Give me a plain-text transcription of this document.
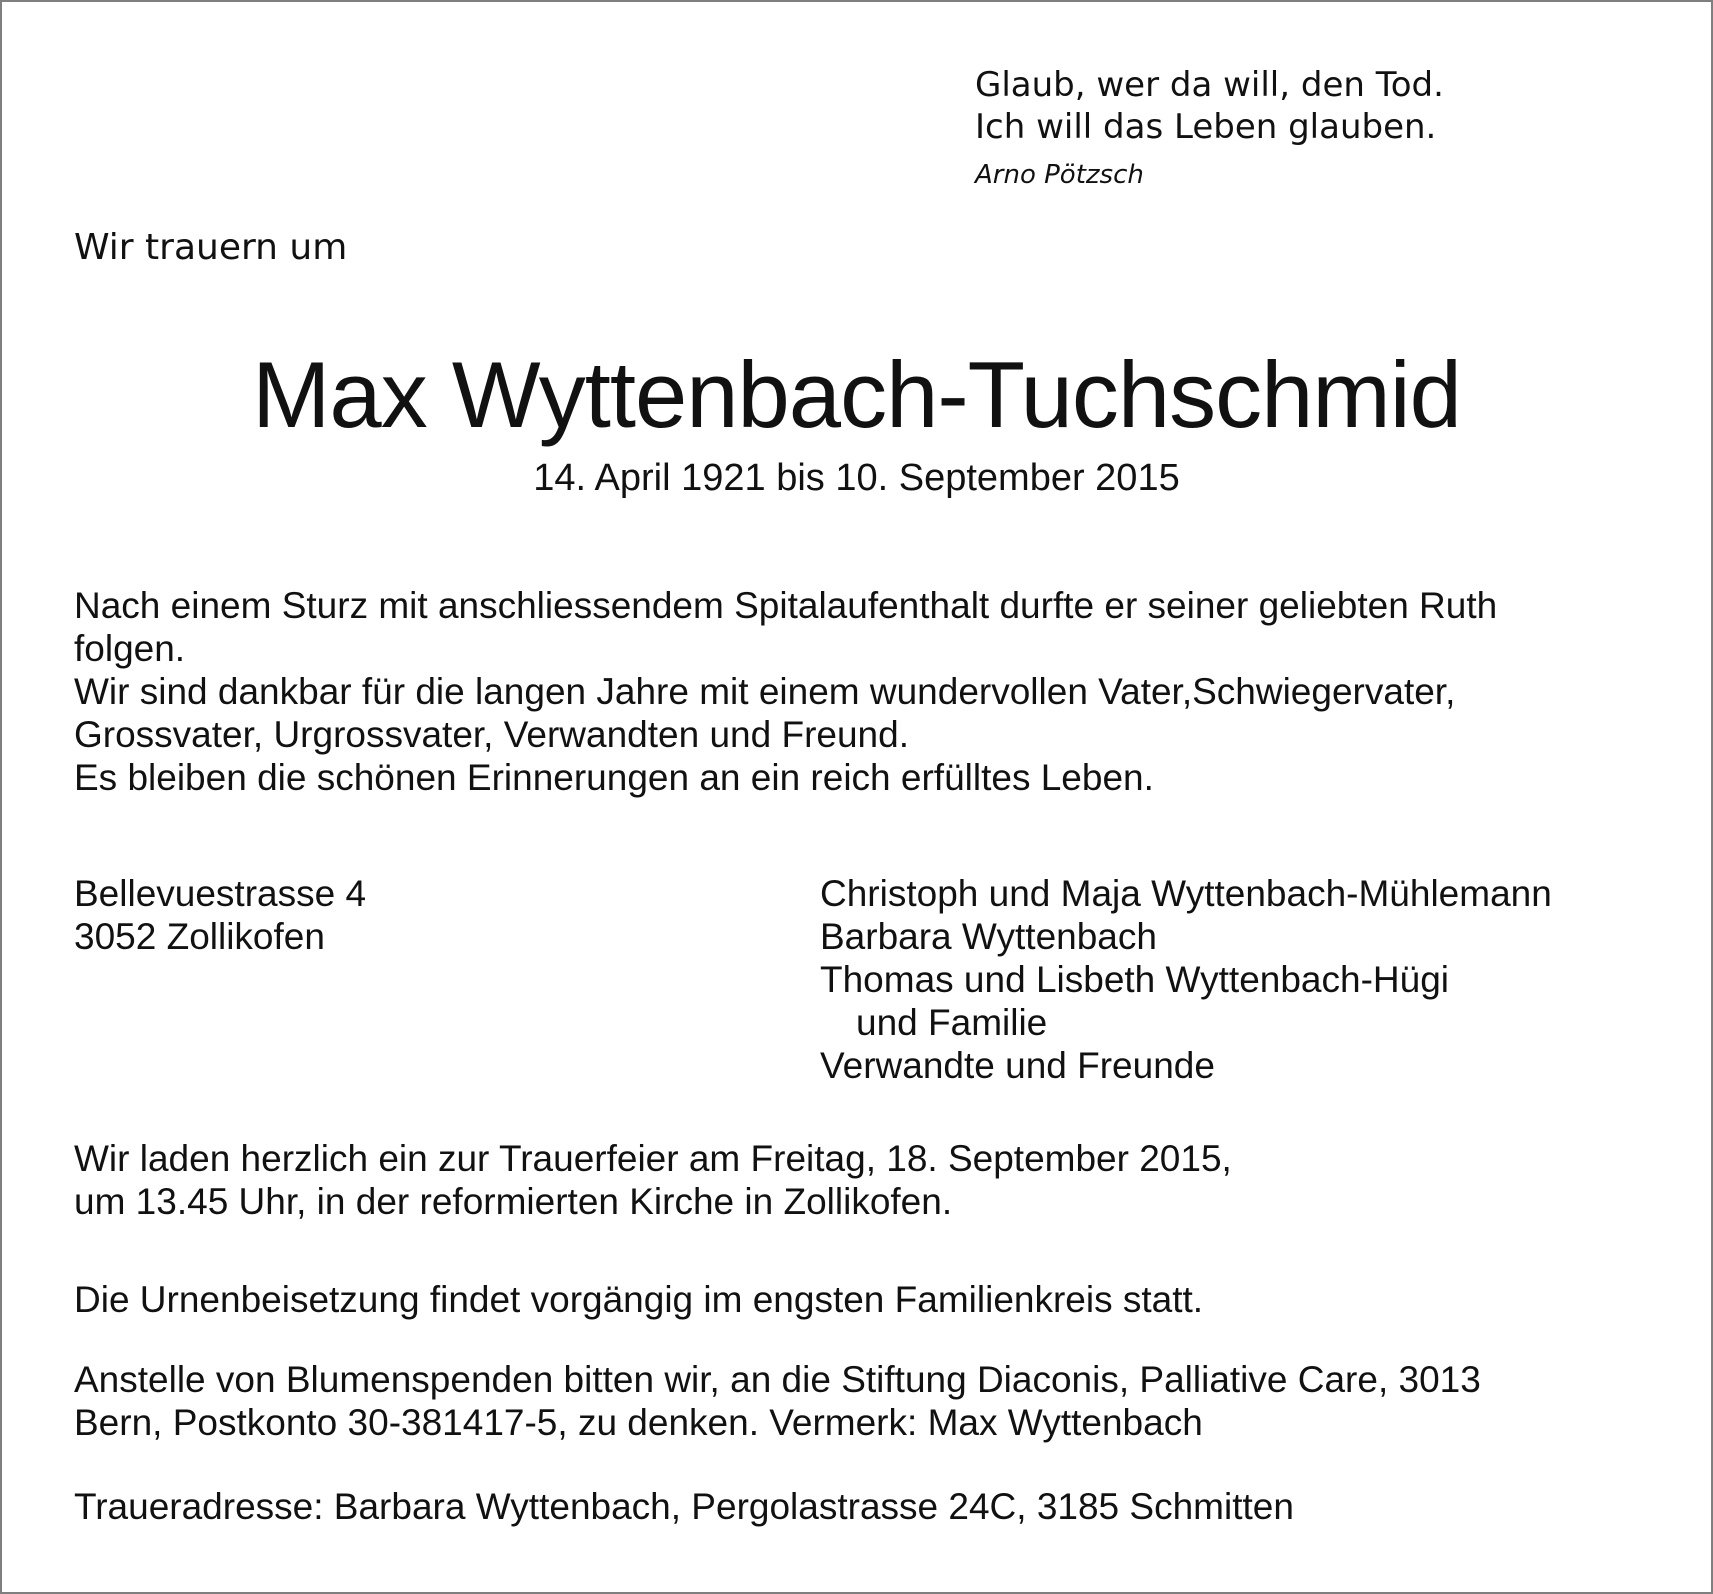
Glaub, wer da will, den Tod.
Ich will das Leben glauben.
Arno Pötzsch
Wir trauern um
Max Wyttenbach-Tuchschmid
14. April 1921 bis 10. September 2015
Nach einem Sturz mit anschliessendem Spitalaufenthalt durfte er seiner geliebten Ruth
folgen.
Wir sind dankbar für die langen Jahre mit einem wundervollen Vater,Schwiegervater,
Grossvater, Urgrossvater, Verwandten und Freund.
Es bleiben die schönen Erinnerungen an ein reich erfülltes Leben.
Bellevuestrasse 4
3052 Zollikofen
Christoph und Maja Wyttenbach-Mühlemann
Barbara Wyttenbach
Thomas und Lisbeth Wyttenbach-Hügi
und Familie
Verwandte und Freunde
Wir laden herzlich ein zur Trauerfeier am Freitag, 18. September 2015,
um 13.45 Uhr, in der reformierten Kirche in Zollikofen.
Die Urnenbeisetzung findet vorgängig im engsten Familienkreis statt.
Anstelle von Blumenspenden bitten wir, an die Stiftung Diaconis, Palliative Care, 3013
Bern, Postkonto 30-381417-5, zu denken. Vermerk: Max Wyttenbach
Traueradresse: Barbara Wyttenbach, Pergolastrasse 24C, 3185 Schmitten
